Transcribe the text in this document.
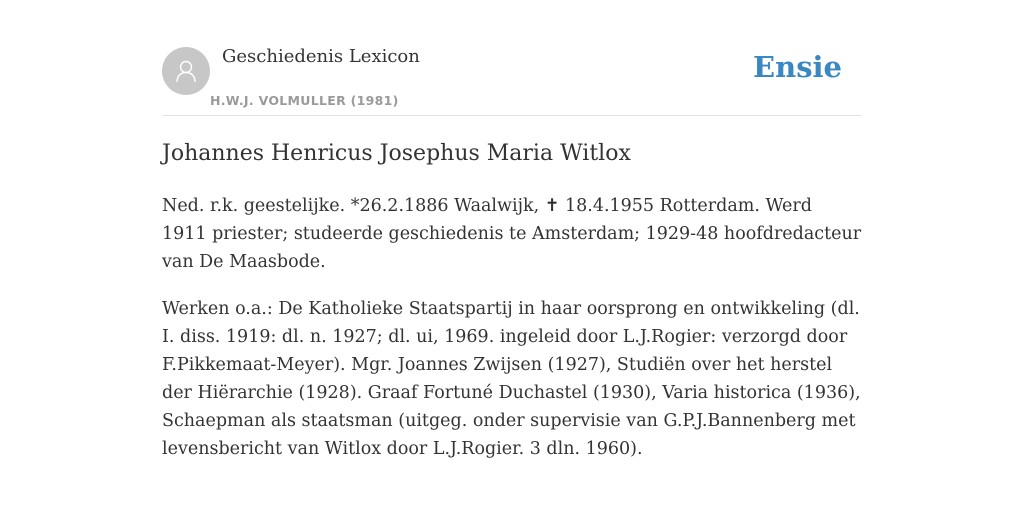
Geschiedenis Lexicon
H.W.J. VOLMULLER (1981)
Ensie
Johannes Henricus Josephus Maria Witlox

Ned. r.k. geestelijke. *26.2.1886 Waalwijk, ✝ 18.4.1955 Rotterdam. Werd 1911 priester; studeerde geschiedenis te Amsterdam; 1929-48 hoofdredacteur van De Maasbode.

Werken o.a.: De Katholieke Staatspartij in haar oorsprong en ontwikkeling (dl. I. diss. 1919: dl. n. 1927; dl. ui, 1969. ingeleid door L.J.Rogier: verzorgd door F.Pikkemaat-Meyer). Mgr. Joannes Zwijsen (1927), Studiën over het herstel der Hiërarchie (1928). Graaf Fortuné Duchastel (1930), Varia historica (1936), Schaepman als staatsman (uitgeg. onder supervisie van G.P.J.Bannenberg met levensbericht van Witlox door L.J.Rogier. 3 dln. 1960).
